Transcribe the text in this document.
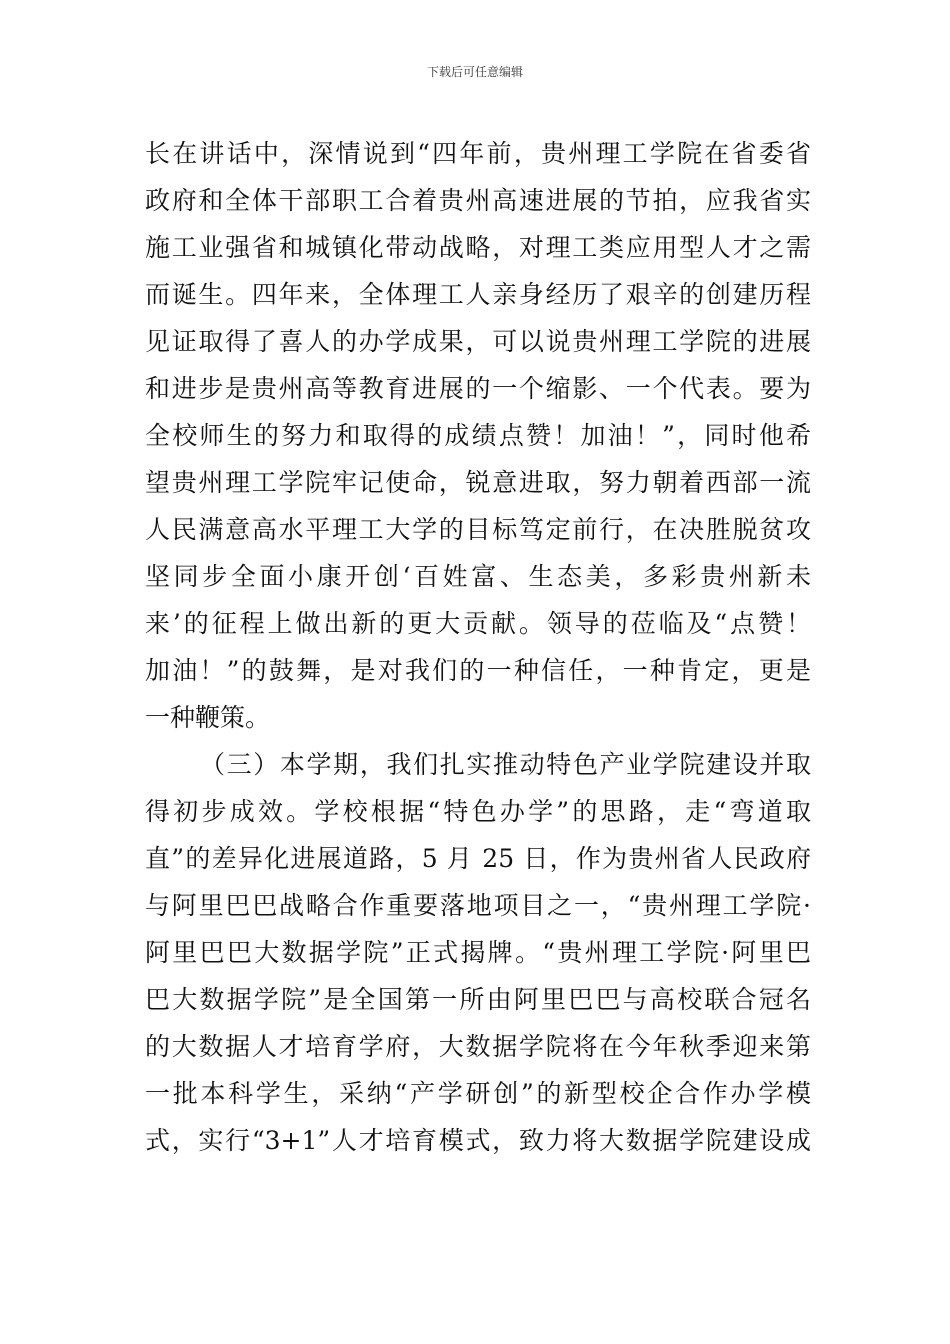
下载后可任意编辑
长在讲话中，深情说到“四年前，贵州理工学院在省委省
政府和全体干部职工合着贵州高速进展的节拍，应我省实
施工业强省和城镇化带动战略，对理工类应用型人才之需
而诞生。四年来，全体理工人亲身经历了艰辛的创建历程
见证取得了喜人的办学成果，可以说贵州理工学院的进展
和进步是贵州高等教育进展的一个缩影、一个代表。要为
全校师生的努力和取得的成绩点赞！加油！”，同时他希
望贵州理工学院牢记使命，锐意进取，努力朝着西部一流
人民满意高水平理工大学的目标笃定前行，在决胜脱贫攻
坚同步全面小康开创‘百姓富、生态美，多彩贵州新未
来’的征程上做出新的更大贡献。领导的莅临及“点赞！
加油！”的鼓舞，是对我们的一种信任，一种肯定，更是
一种鞭策。
（三）本学期，我们扎实推动特色产业学院建设并取
得初步成效。学校根据“特色办学”的思路，走“弯道取
直”的差异化进展道路，5 月 25 日，作为贵州省人民政府
与阿里巴巴战略合作重要落地项目之一，“贵州理工学院·
阿里巴巴大数据学院”正式揭牌。“贵州理工学院·阿里巴
巴大数据学院”是全国第一所由阿里巴巴与高校联合冠名
的大数据人才培育学府，大数据学院将在今年秋季迎来第
一批本科学生，采纳“产学研创”的新型校企合作办学模
式，实行“3+1”人才培育模式，致力将大数据学院建设成
